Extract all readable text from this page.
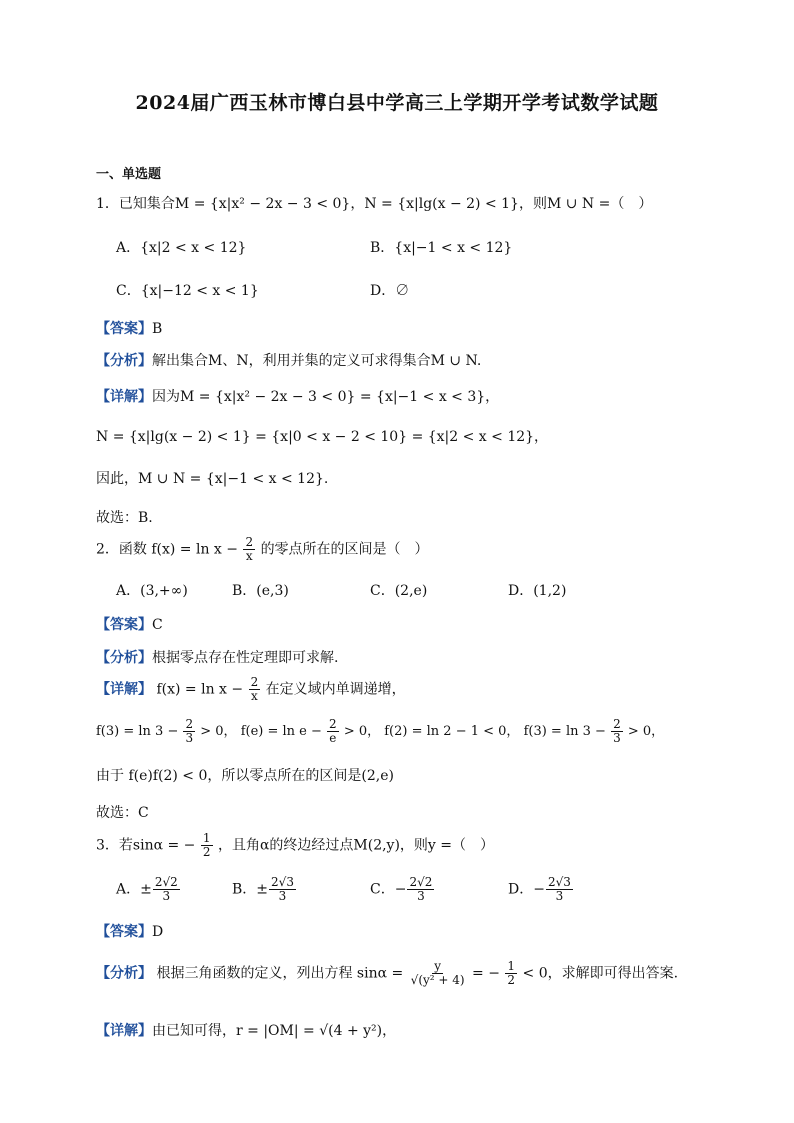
2024届广西玉林市博白县中学高三上学期开学考试数学试题
一、单选题
1．已知集合M = {x|x² − 2x − 3 < 0}，N = {x|lg(x − 2) < 1}，则M ∪ N =（　）
A．{x|2 < x < 12}	B．{x|−1 < x < 12}
C．{x|−12 < x < 1}	D．∅
【答案】B
【分析】解出集合M、N，利用并集的定义可求得集合M ∪ N.
【详解】因为M = {x|x² − 2x − 3 < 0} = {x|−1 < x < 3}，
N = {x|lg(x − 2) < 1} = {x|0 < x − 2 < 10} = {x|2 < x < 12}，
因此，M ∪ N = {x|−1 < x < 12}.
故选：B.
2．函数 $f(x) = \ln x - \frac{2}{x}$ 的零点所在的区间是（　）
A．(3,+∞)	B．(e,3)	C．(2,e)	D．(1,2)
【答案】C
【分析】根据零点存在性定理即可求解.
【详解】 $f(x) = \ln x - \frac{2}{x}$ 在定义域内单调递增，
$f(3) = \ln 3 - \frac{2}{3} > 0$， $f(e) = \ln e - \frac{2}{e} > 0$， f(2) = ln 2 − 1 < 0， $f(3) = \ln 3 - \frac{2}{3} > 0$，
由于 f(e)f(2) < 0，所以零点所在的区间是(2,e)
故选：C
3．若sinα = − $\frac{1}{2}$ ，且角α的终边经过点M(2,y)，则y =（　）
A．± $\frac{2√2}{3}$	B．± $\frac{2√3}{3}$	C．− $\frac{2√2}{3}$	D．− $\frac{2√3}{3}$
【答案】D
【分析】 根据三角函数的定义，列出方程 $\sin\alpha = \frac{y}{\text{√(y² + 4)}}$ = − $\frac{1}{2} < 0$，求解即可得出答案.
【详解】由已知可得，r = |OM| = √(4 + y²)，
